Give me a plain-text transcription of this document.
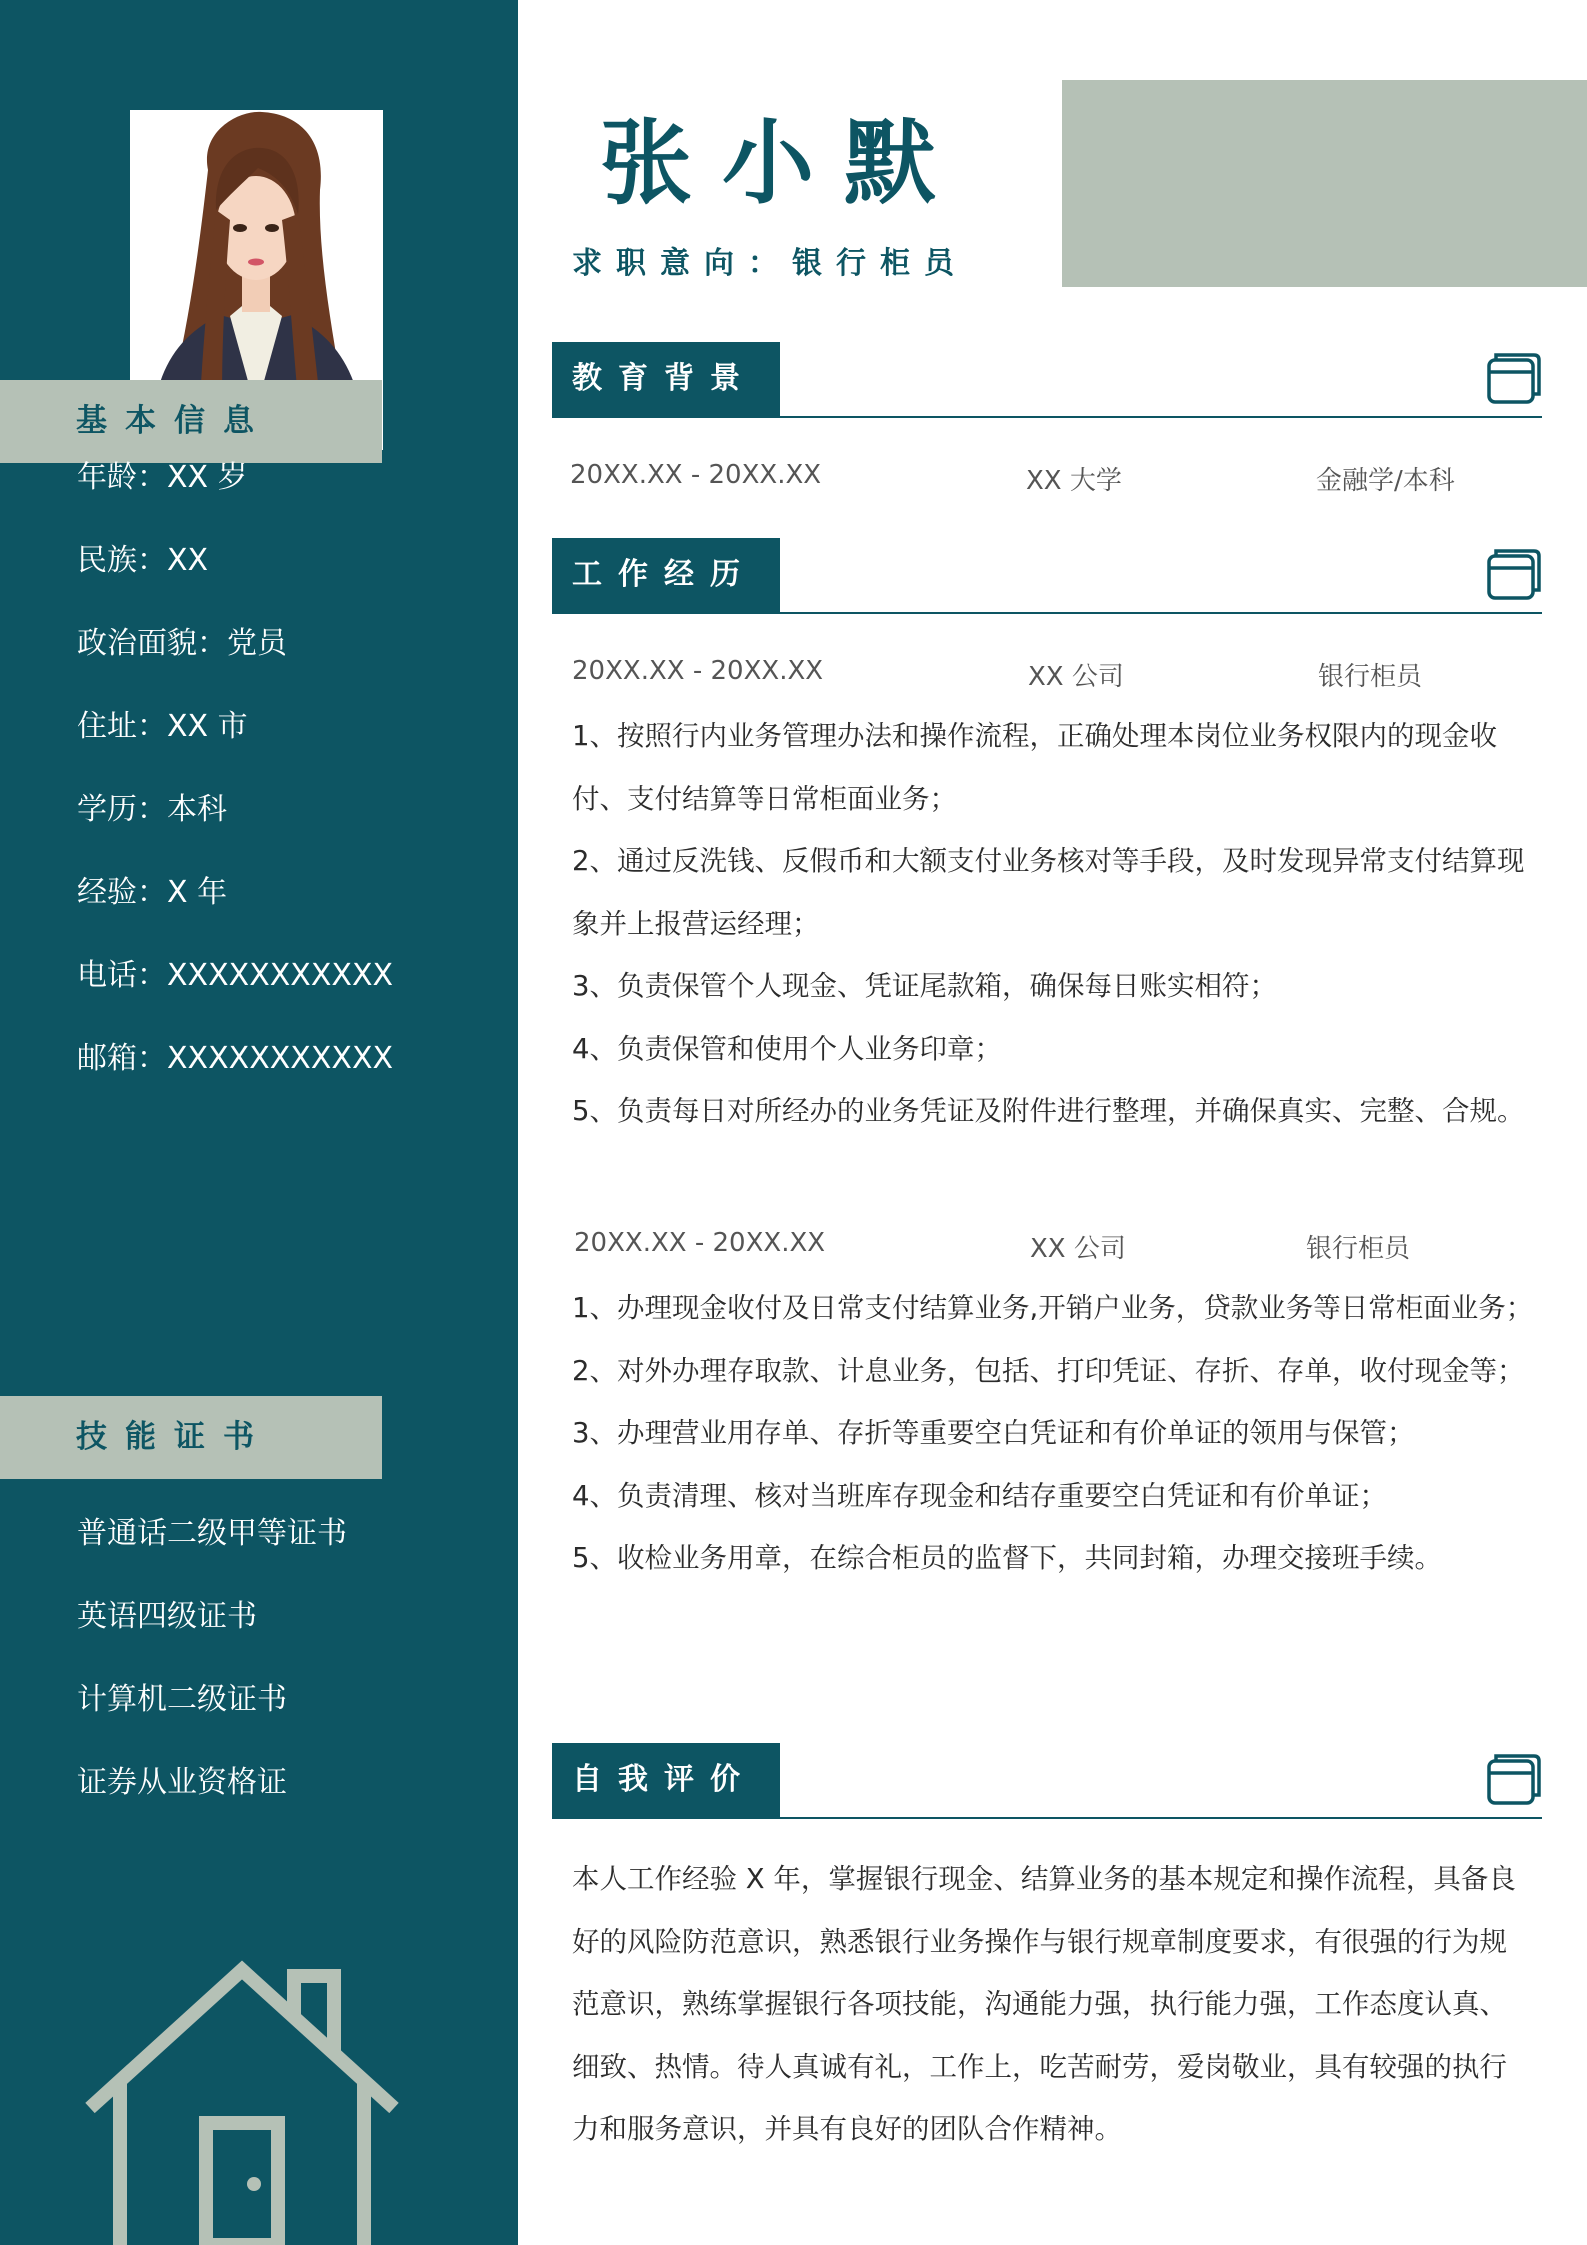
基本信息
年龄：XX 岁
民族：XX
政治面貌：党员
住址：XX 市
学历：本科
经验：X 年
电话：XXXXXXXXXXX
邮箱：XXXXXXXXXXX
技能证书
普通话二级甲等证书
英语四级证书
计算机二级证书
证券从业资格证
张小默
求职意向：银行柜员
教育背景
20XX.XX - 20XX.XX	XX 大学	金融学/本科
工作经历
20XX.XX - 20XX.XX	XX 公司	银行柜员

1、按照行内业务管理办法和操作流程，正确处理本岗位业务权限内的现金收付、支付结算等日常柜面业务；

2、通过反洗钱、反假币和大额支付业务核对等手段，及时发现异常支付结算现象并上报营运经理；

3、负责保管个人现金、凭证尾款箱，确保每日账实相符；

4、负责保管和使用个人业务印章；

5、负责每日对所经办的业务凭证及附件进行整理，并确保真实、完整、合规。

20XX.XX - 20XX.XX	XX 公司	银行柜员

1、办理现金收付及日常支付结算业务,开销户业务，贷款业务等日常柜面业务；

2、对外办理存取款、计息业务，包括、打印凭证、存折、存单，收付现金等；

3、办理营业用存单、存折等重要空白凭证和有价单证的领用与保管；

4、负责清理、核对当班库存现金和结存重要空白凭证和有价单证；

5、收检业务用章，在综合柜员的监督下，共同封箱，办理交接班手续。

自我评价
本人工作经验 X 年，掌握银行现金、结算业务的基本规定和操作流程，具备良好的风险防范意识，熟悉银行业务操作与银行规章制度要求，有很强的行为规范意识，熟练掌握银行各项技能，沟通能力强，执行能力强，工作态度认真、细致、热情。待人真诚有礼，工作上，吃苦耐劳，爱岗敬业，具有较强的执行力和服务意识，并具有良好的团队合作精神。
